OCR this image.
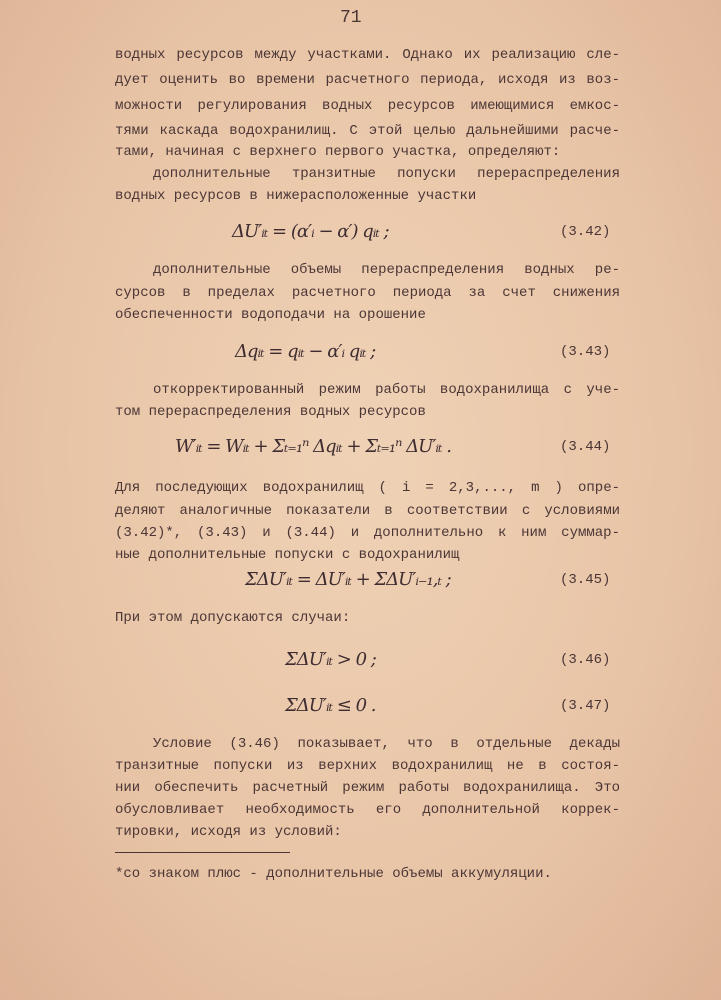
71
водных ресурсов между участками. Однако их реализацию сле-
дует оценить во времени расчетного периода, исходя из воз-
можности регулирования водных ресурсов имеющимися емкос-
тями каскада водохранилищ. С этой целью дальнейшими расче-
тами, начиная с верхнего первого участка, определяют:
дополнительные транзитные попуски перераспределения
водных ресурсов в нижерасположенные участки
ΔU′ᵢₜ = (α′ᵢ − α′) qᵢₜ ;	(3.42)
дополнительные объемы перераспределения водных ре-
сурсов в пределах расчетного периода за счет снижения
обеспеченности водоподачи на орошение
Δqᵢₜ = qᵢₜ − α′ᵢ qᵢₜ ;	(3.43)
откорректированный режим работы водохранилища с уче-
том перераспределения водных ресурсов
W′ᵢₜ = Wᵢₜ + Σₜ₌₁ⁿ Δqᵢₜ + Σₜ₌₁ⁿ ΔU′ᵢₜ .	(3.44)
Для последующих водохранилищ ( i = 2,3,..., m ) опре-
деляют аналогичные показатели в соответствии с условиями
(3.42)*, (3.43) и (3.44) и дополнительно к ним суммар-
ные дополнительные попуски с водохранилищ
ΣΔU′ᵢₜ = ΔU′ᵢₜ + ΣΔU′ᵢ₋₁,ₜ ;	(3.45)
При этом допускаются случаи:
ΣΔU′ᵢₜ > 0 ;	(3.46)
ΣΔU′ᵢₜ ≤ 0 .	(3.47)
Условие (3.46) показывает, что в отдельные декады
транзитные попуски из верхних водохранилищ не в состоя-
нии обеспечить расчетный режим работы водохранилища. Это
обусловливает необходимость его дополнительной коррек-
тировки, исходя из условий:
*со знаком плюс - дополнительные объемы аккумуляции.
